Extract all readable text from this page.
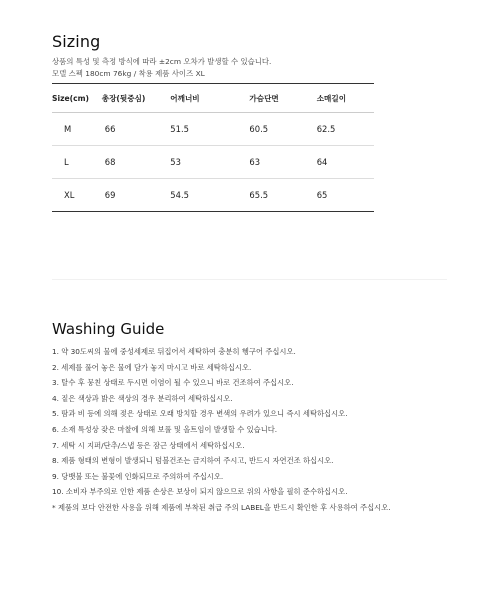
Sizing

상품의 특성 및 측정 방식에 따라 ±2cm 오차가 발생할 수 있습니다.

모델 스펙 180cm 76kg / 착용 제품 사이즈 XL

Size(cm)	총장(뒷중심)	어깨너비	가슴단면	소매길이
M	66	51.5	60.5	62.5
L	68	53	63	64
XL	69	54.5	65.5	65
Washing Guide
1. 약 30도씨의 물에 중성세제로 뒤집어서 세탁하여 충분히 헹구어 주십시오.
2. 세제를 풀어 놓은 물에 담가 놓지 마시고 바로 세탁하십시오.
3. 탈수 후 뭉친 상태로 두시면 이염이 될 수 있으니 바로 건조하여 주십시오.
4. 짙은 색상과 밝은 색상의 경우 분리하여 세탁하십시오.
5. 땀과 비 등에 의해 젖은 상태로 오래 방치할 경우 변색의 우려가 있으니 즉시 세탁하십시오.
6. 소재 특성상 잦은 마찰에 의해 보풀 및 올트임이 발생할 수 있습니다.
7. 세탁 시 지퍼/단추/스냅 등은 잠근 상태에서 세탁하십시오.
8. 제품 형태의 변형이 발생되니 텀블건조는 금지하여 주시고, 반드시 자연건조 하십시오.
9. 당뱃불 또는 불꽃에 인화되므로 주의하여 주십시오.
10. 소비자 부주의로 인한 제품 손상은 보상이 되지 않으므로 위의 사항을 필히 준수하십시오.
* 제품의 보다 안전한 사용을 위해 제품에 부착된 취급 주의 LABEL을 반드시 확인한 후 사용하여 주십시오.
